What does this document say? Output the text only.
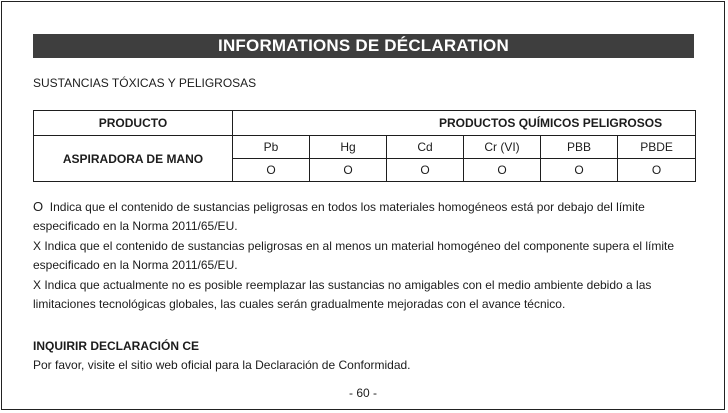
INFORMATIONS DE DÉCLARATION
SUSTANCIAS TÓXICAS Y PELIGROSAS
PRODUCTO	PRODUCTOS QUÍMICOS PELIGROSOS					
ASPIRADORA DE MANO	Pb	Hg	Cd	Cr (VI)	PBB	PBDE
	O	O	O	O	O	O

O Indica que el contenido de sustancias peligrosas en todos los materiales homogéneos está por debajo del límite especificado en la Norma 2011/65/EU.

X Indica que el contenido de sustancias peligrosas en al menos un material homogéneo del componente supera el límite especificado en la Norma 2011/65/EU.

X Indica que actualmente no es posible reemplazar las sustancias no amigables con el medio ambiente debido a las limitaciones tecnológicas globales, las cuales serán gradualmente mejoradas con el avance técnico.

INQUIRIR DECLARACIÓN CE
Por favor, visite el sitio web oficial para la Declaración de Conformidad.
- 60 -
